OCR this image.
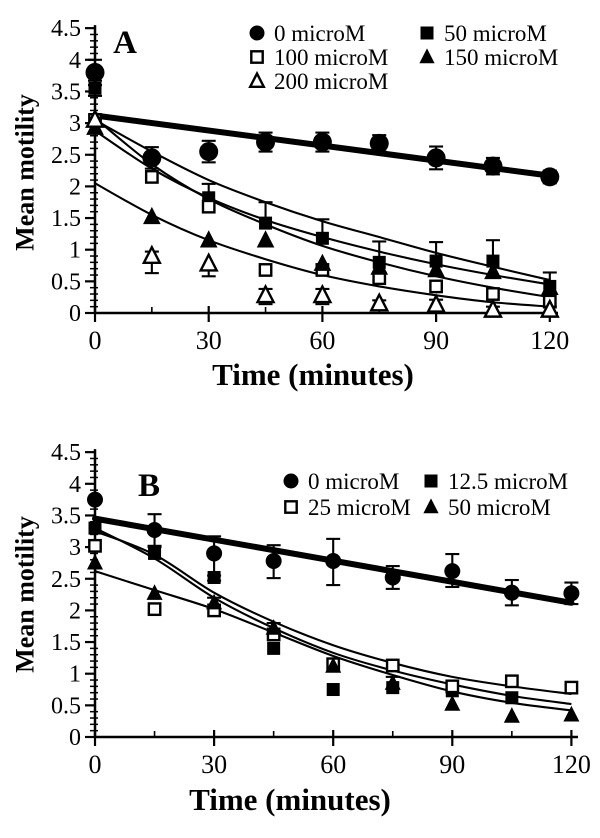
0
0.5
1
1.5
2
2.5
3
3.5
4
4.5
0	30	60	90	120
0 microM
100 microM
200 microM
50 microM
150 microM
0
0.5
1
1.5
2
2.5
3
3.5
4
4.5
0	30	60	90	120
0 microM
25 microM
12.5 microM
50 microM
A
B
Mean motility
Mean motility
Time (minutes)
Time (minutes)
